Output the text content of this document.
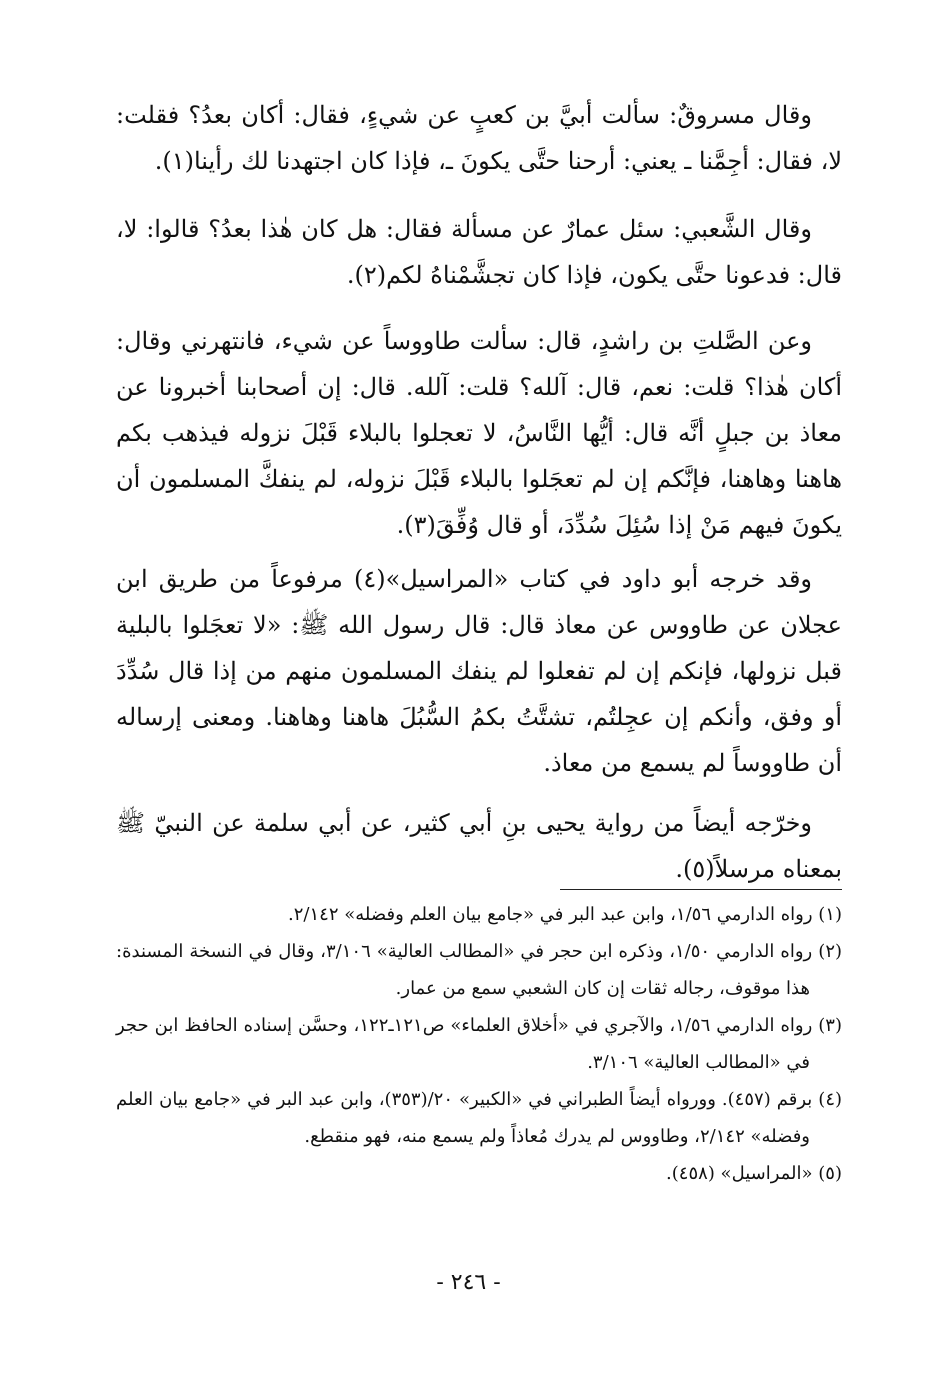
وقال مسروقٌ: سألت أبيَّ بن كعبٍ عن شيءٍ، فقال: أكان بعدُ؟ فقلت: لا، فقال: أجِمَّنا ـ يعني: أرحنا حتَّى يكونَ ـ، فإذا كان اجتهدنا لك رأينا(١).

وقال الشَّعبي: سئل عمارٌ عن مسألة فقال: هل كان هٰذا بعدُ؟ قالوا: لا، قال: فدعونا حتَّى يكون، فإذا كان تجشَّمْناهُ لكم(٢).

وعن الصَّلتِ بن راشدٍ، قال: سألت طاووساً عن شيء، فانتهرني وقال: أكان هٰذا؟ قلت: نعم، قال: آلله؟ قلت: آلله. قال: إن أصحابنا أخبرونا عن معاذ بن جبلٍ أنَّه قال: أيُّها النَّاسُ، لا تعجلوا بالبلاء قَبْلَ نزوله فيذهب بكم هاهنا وهاهنا، فإنَّكم إن لم تعجَلوا بالبلاء قَبْلَ نزوله، لم ينفكَّ المسلمون أن يكونَ فيهم مَنْ إذا سُئِلَ سُدِّدَ، أو قال وُفِّقَ(٣).

وقد خرجه أبو داود في كتاب «المراسيل»(٤) مرفوعاً من طريق ابن عجلان عن طاووس عن معاذ قال: قال رسول الله ﷺ: «لا تعجَلوا بالبلية قبل نزولها، فإنكم إن لم تفعلوا لم ينفك المسلمون منهم من إذا قال سُدِّدَ أو وفق، وأنكم إن عجِلتُم، تشتَّتُ بكمُ السُّبُلَ هاهنا وهاهنا. ومعنى إرساله أن طاووساً لم يسمع من معاذ.

وخرّجه أيضاً من رواية يحيى بنِ أبي كثير، عن أبي سلمة عن النبيّ ﷺ بمعناه مرسلاً(٥).

(١) رواه الدارمي ١/٥٦، وابن عبد البر في «جامع بيان العلم وفضله» ٢/١٤٢.

(٢) رواه الدارمي ١/٥٠، وذكره ابن حجر في «المطالب العالية» ٣/١٠٦، وقال في النسخة المسندة: هذا موقوف، رجاله ثقات إن كان الشعبي سمع من عمار.

(٣) رواه الدارمي ١/٥٦، والآجري في «أخلاق العلماء» ص١٢١ـ١٢٢، وحسَّن إسناده الحافظ ابن حجر في «المطالب العالية» ٣/١٠٦.

(٤) برقم (٤٥٧). وورواه أيضاً الطبراني في «الكبير» ٢٠/(٣٥٣)، وابن عبد البر في «جامع بيان العلم وفضله» ٢/١٤٢، وطاووس لم يدرك مُعاذاً ولم يسمع منه، فهو منقطع.

(٥) «المراسيل» (٤٥٨).

- ٢٤٦ -
